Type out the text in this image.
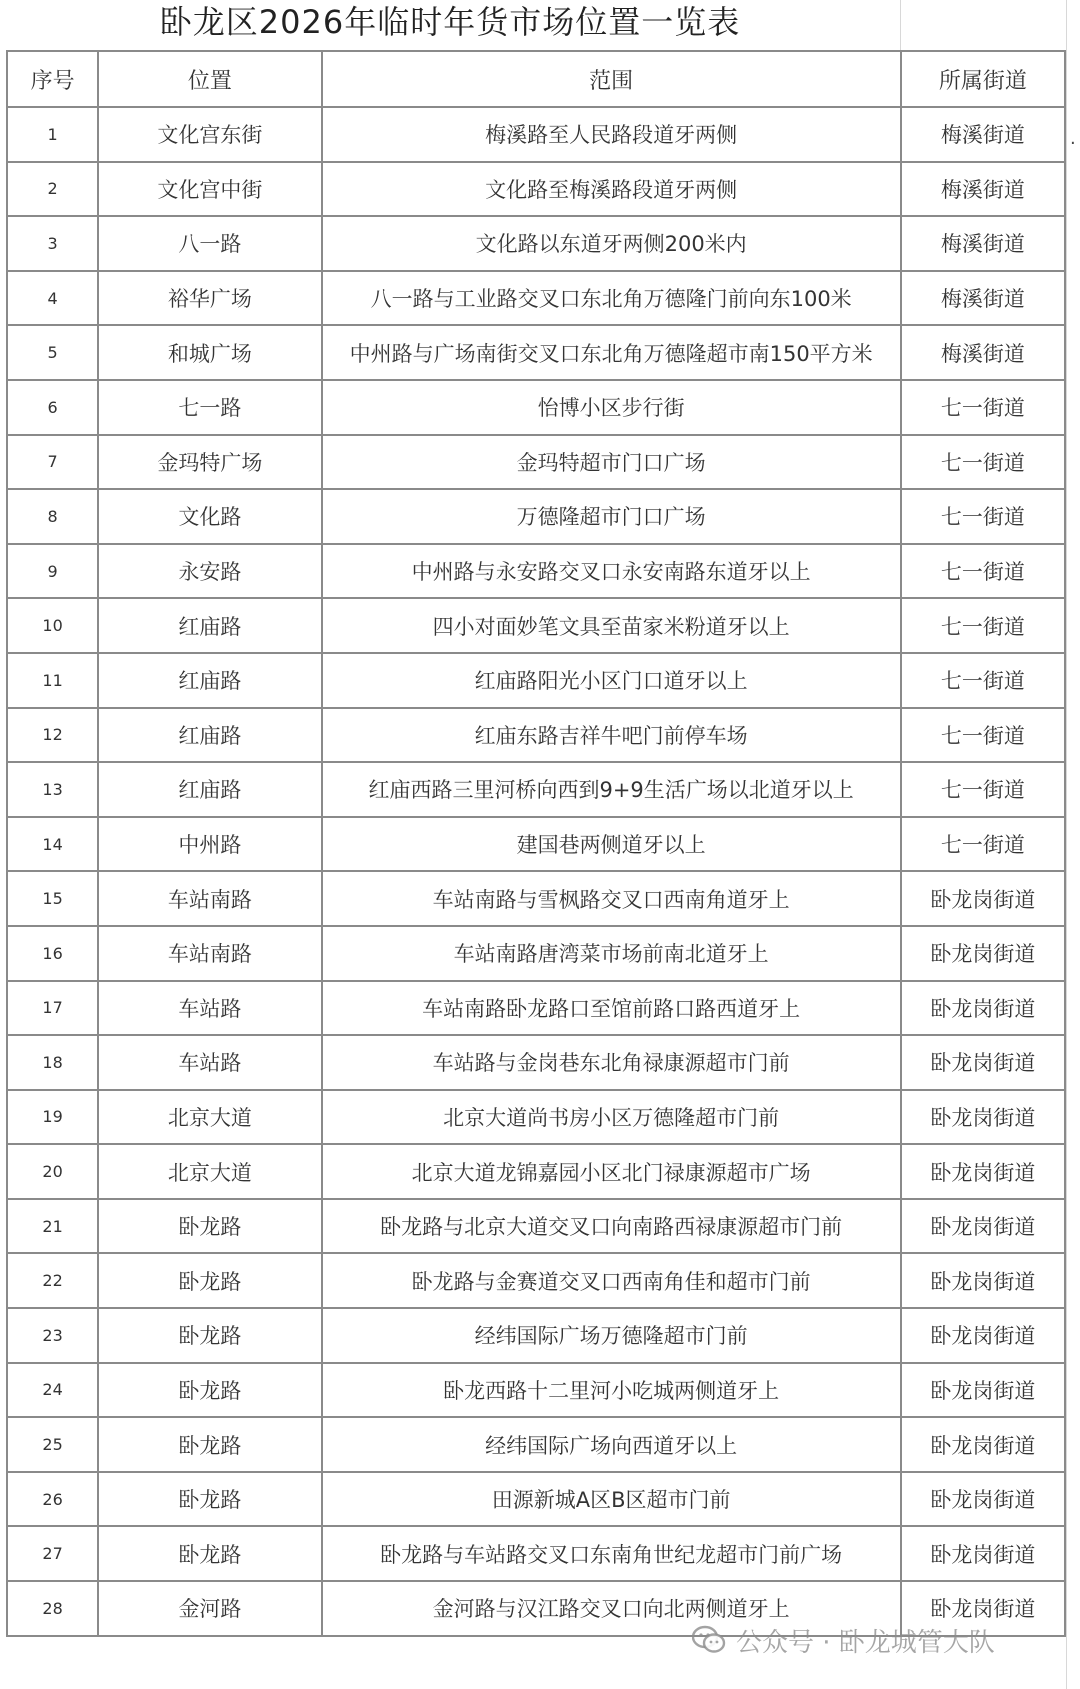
卧龙区2026年临时年货市场位置一览表
序号	位置	范围	所属街道
1	文化宫东街	梅溪路至人民路段道牙两侧	梅溪街道
2	文化宫中街	文化路至梅溪路段道牙两侧	梅溪街道
3	八一路	文化路以东道牙两侧200米内	梅溪街道
4	裕华广场	八一路与工业路交叉口东北角万德隆门前向东100米	梅溪街道
5	和城广场	中州路与广场南街交叉口东北角万德隆超市南150平方米	梅溪街道
6	七一路	怡博小区步行街	七一街道
7	金玛特广场	金玛特超市门口广场	七一街道
8	文化路	万德隆超市门口广场	七一街道
9	永安路	中州路与永安路交叉口永安南路东道牙以上	七一街道
10	红庙路	四小对面妙笔文具至苗家米粉道牙以上	七一街道
11	红庙路	红庙路阳光小区门口道牙以上	七一街道
12	红庙路	红庙东路吉祥牛吧门前停车场	七一街道
13	红庙路	红庙西路三里河桥向西到9+9生活广场以北道牙以上	七一街道
14	中州路	建国巷两侧道牙以上	七一街道
15	车站南路	车站南路与雪枫路交叉口西南角道牙上	卧龙岗街道
16	车站南路	车站南路唐湾菜市场前南北道牙上	卧龙岗街道
17	车站路	车站南路卧龙路口至馆前路口路西道牙上	卧龙岗街道
18	车站路	车站路与金岗巷东北角禄康源超市门前	卧龙岗街道
19	北京大道	北京大道尚书房小区万德隆超市门前	卧龙岗街道
20	北京大道	北京大道龙锦嘉园小区北门禄康源超市广场	卧龙岗街道
21	卧龙路	卧龙路与北京大道交叉口向南路西禄康源超市门前	卧龙岗街道
22	卧龙路	卧龙路与金赛道交叉口西南角佳和超市门前	卧龙岗街道
23	卧龙路	经纬国际广场万德隆超市门前	卧龙岗街道
24	卧龙路	卧龙西路十二里河小吃城两侧道牙上	卧龙岗街道
25	卧龙路	经纬国际广场向西道牙以上	卧龙岗街道
26	卧龙路	田源新城A区B区超市门前	卧龙岗街道
27	卧龙路	卧龙路与车站路交叉口东南角世纪龙超市门前广场	卧龙岗街道
28	金河路	金河路与汉江路交叉口向北两侧道牙上	卧龙岗街道
.
公众号 · 卧龙城管大队
